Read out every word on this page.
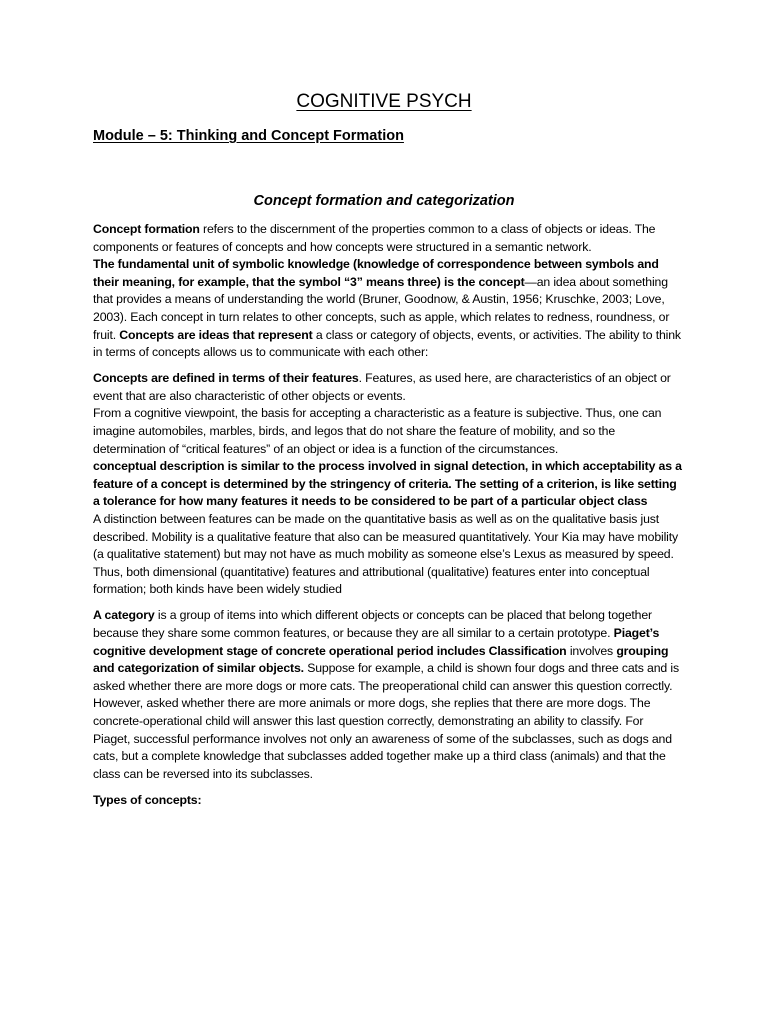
COGNITIVE PSYCH
Module – 5: Thinking and Concept Formation
Concept formation and categorization

Concept formation refers to the discernment of the properties common to a class of objects or ideas. The components or features of concepts and how concepts were structured in a semantic network.

The fundamental unit of symbolic knowledge (knowledge of correspondence between symbols and their meaning, for example, that the symbol “3” means three) is the concept—an idea about something that provides a means of understanding the world (Bruner, Goodnow, & Austin, 1956; Kruschke, 2003; Love, 2003). Each concept in turn relates to other concepts, such as apple, which relates to redness, roundness, or fruit. Concepts are ideas that represent a class or category of objects, events, or activities. The ability to think in terms of concepts allows us to communicate with each other:

Concepts are defined in terms of their features. Features, as used here, are characteristics of an object or event that are also characteristic of other objects or events.

From a cognitive viewpoint, the basis for accepting a characteristic as a feature is subjective. Thus, one can imagine automobiles, marbles, birds, and legos that do not share the feature of mobility, and so the determination of “critical features” of an object or idea is a function of the circumstances.

conceptual description is similar to the process involved in signal detection, in which acceptability as a feature of a concept is determined by the stringency of criteria. The setting of a criterion, is like setting a tolerance for how many features it needs to be considered to be part of a particular object class

A distinction between features can be made on the quantitative basis as well as on the qualitative basis just described. Mobility is a qualitative feature that also can be measured quantitatively. Your Kia may have mobility (a qualitative statement) but may not have as much mobility as someone else’s Lexus as measured by speed. Thus, both dimensional (quantitative) features and attributional (qualitative) features enter into conceptual formation; both kinds have been widely studied

A category is a group of items into which different objects or concepts can be placed that belong together because they share some common features, or because they are all similar to a certain prototype. Piaget’s cognitive development stage of concrete operational period includes Classification involves grouping and categorization of similar objects. Suppose for example, a child is shown four dogs and three cats and is asked whether there are more dogs or more cats. The preoperational child can answer this question correctly. However, asked whether there are more animals or more dogs, she replies that there are more dogs. The concrete-operational child will answer this last question correctly, demonstrating an ability to classify. For Piaget, successful performance involves not only an awareness of some of the subclasses, such as dogs and cats, but a complete knowledge that subclasses added together make up a third class (animals) and that the class can be reversed into its subclasses.

Types of concepts:
